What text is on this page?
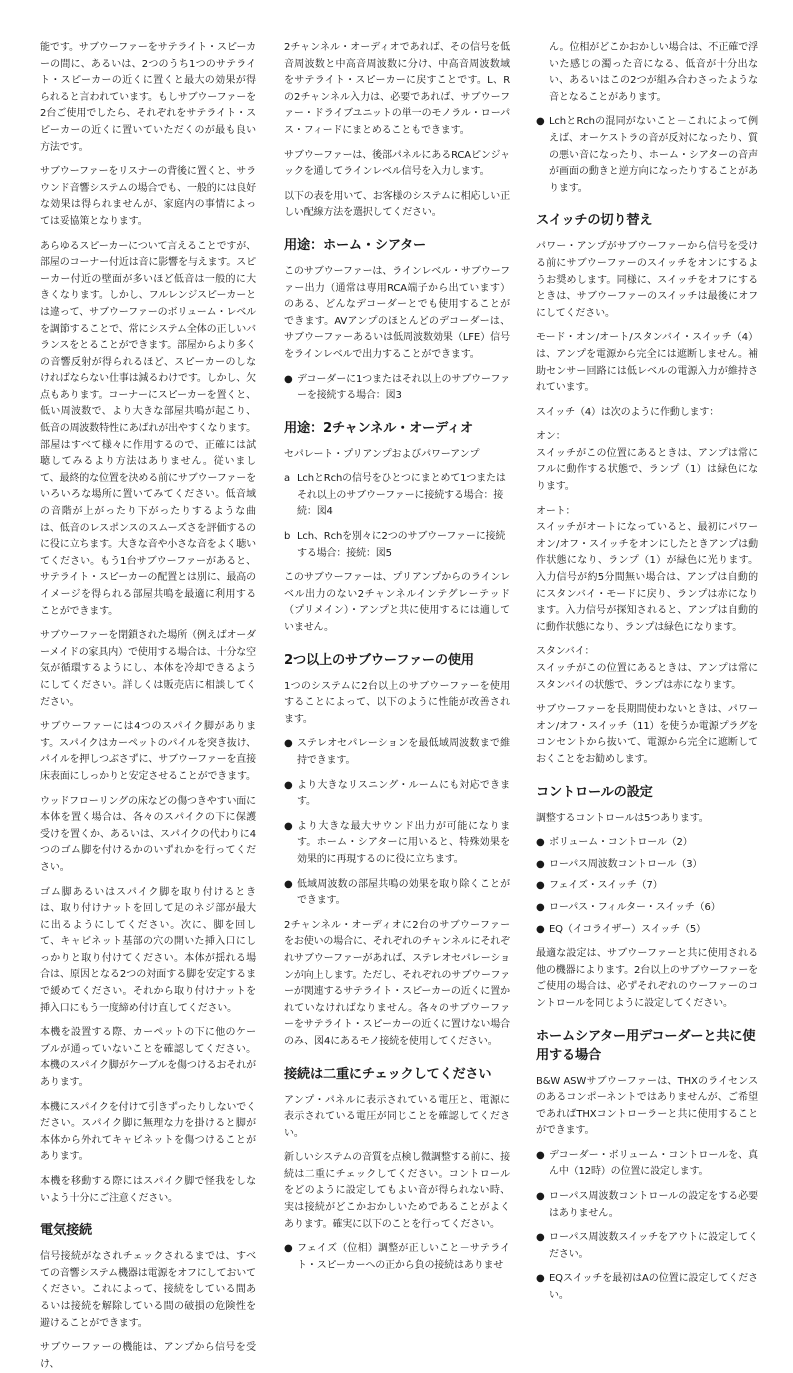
能です。サブウーファーをサテライト・スピーカーの間に、あるいは、2つのうち1つのサテライト・スピーカーの近くに置くと最大の効果が得られると言われています。もしサブウーファーを2台ご使用でしたら、それぞれをサテライト・スピーカーの近くに置いていただくのが最も良い方法です。

サブウーファーをリスナーの背後に置くと、サラウンド音響システムの場合でも、一般的には良好な効果は得られませんが、家庭内の事情によっては妥協策となります。

あらゆるスピーカーについて言えることですが、部屋のコーナー付近は音に影響を与えます。スピーカー付近の壁面が多いほど低音は一般的に大きくなります。しかし、フルレンジスピーカーとは違って、サブウーファーのボリューム・レベルを調節することで、常にシステム全体の正しいバランスをとることができます。部屋からより多くの音響反射が得られるほど、スピーカーのしなければならない仕事は減るわけです。しかし、欠点もあります。コーナーにスピーカーを置くと、低い周波数で、より大きな部屋共鳴が起こり、低音の周波数特性にあばれが出やすくなります。部屋はすべて様々に作用するので、正確には試聴してみるより方法はありません。従いまして、最終的な位置を決める前にサブウーファーをいろいろな場所に置いてみてください。低音域の音階が上がったり下がったりするような曲は、低音のレスポンスのスムーズさを評価するのに役に立ちます。大きな音や小さな音をよく聴いてください。もう1台サブウーファーがあると、サテライト・スピーカーの配置とは別に、最高のイメージを得られる部屋共鳴を最適に利用することができます。

サブウーファーを閉鎖された場所（例えばオーダーメイドの家具内）で使用する場合は、十分な空気が循環するようにし、本体を冷却できるようにしてください。詳しくは販売店に相談してください。

サブウーファーには4つのスパイク脚があります。スパイクはカーペットのパイルを突き抜け、パイルを押しつぶさずに、サブウーファーを直接床表面にしっかりと安定させることができます。

ウッドフローリングの床などの傷つきやすい面に本体を置く場合は、各々のスパイクの下に保護受けを置くか、あるいは、スパイクの代わりに4つのゴム脚を付けるかのいずれかを行ってください。

ゴム脚あるいはスパイク脚を取り付けるときは、取り付けナットを回して足のネジ部が最大に出るようにしてください。次に、脚を回して、キャビネット基部の穴の開いた挿入口にしっかりと取り付けてください。本体が揺れる場合は、原因となる2つの対面する脚を安定するまで緩めてください。それから取り付けナットを挿入口にもう一度締め付け直してください。

本機を設置する際、カーペットの下に他のケーブルが通っていないことを確認してください。本機のスパイク脚がケーブルを傷つけるおそれがあります。

本機にスパイクを付けて引きずったりしないでください。スパイク脚に無理な力を掛けると脚が本体から外れてキャビネットを傷つけることがあります。

本機を移動する際にはスパイク脚で怪我をしないよう十分にご注意ください。

電気接続

信号接続がなされチェックされるまでは、すべての音響システム機器は電源をオフにしておいてください。これによって、接続をしている間あるいは接続を解除している間の破損の危険性を避けることができます。

サブウーファーの機能は、アンプから信号を受け、

2チャンネル・オーディオであれば、その信号を低音周波数と中高音周波数に分け、中高音周波数域をサテライト・スピーカーに戻すことです。L、Rの2チャンネル入力は、必要であれば、サブウーファー・ドライブユニットの単一のモノラル・ローパス・フィードにまとめることもできます。

サブウーファーは、後部パネルにあるRCAピンジャックを通してラインレベル信号を入力します。

以下の表を用いて、お客様のシステムに相応しい正しい配線方法を選択してください。

用途：ホーム・シアター

このサブウーファーは、ラインレベル・サブウーファー出力（通常は専用RCA端子から出ています）のある、どんなデコーダーとでも使用することができます。AVアンプのほとんどのデコーダーは、サブウーファーあるいは低周波数効果（LFE）信号をラインレベルで出力することができます。

● デコーダーに1つまたはそれ以上のサブウーファーを接続する場合：図3
用途：2チャンネル・オーディオ

セパレート・プリアンプおよびパワーアンプ

a LchとRchの信号をひとつにまとめて1つまたはそれ以上のサブウーファーに接続する場合：接続：図4
b Lch、Rchを別々に2つのサブウーファーに接続する場合：接続：図5

このサブウーファーは、プリアンプからのラインレベル出力のない2チャンネルインテグレーテッド（プリメイン）・アンプと共に使用するには適していません。

2つ以上のサブウーファーの使用

1つのシステムに2台以上のサブウーファーを使用することによって、以下のように性能が改善されます。

● ステレオセパレーションを最低域周波数まで維持できます。
● より大きなリスニング・ルームにも対応できます。
● より大きな最大サウンド出力が可能になります。ホーム・シアターに用いると、特殊効果を効果的に再現するのに役に立ちます。
● 低域周波数の部屋共鳴の効果を取り除くことができます。

2チャンネル・オーディオに2台のサブウーファーをお使いの場合に、それぞれのチャンネルにそれぞれサブウーファーがあれば、ステレオセパレーションが向上します。ただし、それぞれのサブウーファーが関連するサテライト・スピーカーの近くに置かれていなければなりません。各々のサブウーファーをサテライト・スピーカーの近くに置けない場合のみ、図4にあるモノ接続を使用してください。

接続は二重にチェックしてください

アンプ・パネルに表示されている電圧と、電源に表示されている電圧が同じことを確認してください。

新しいシステムの音質を点検し微調整する前に、接続は二重にチェックしてください。コントロールをどのように設定してもよい音が得られない時、実は接続がどこかおかしいためであることがよくあります。確実に以下のことを行ってください。

● フェイズ（位相）調整が正しいこと－サテライト・スピーカーへの正から負の接続はありませ

ん。位相がどこかおかしい場合は、不正確で浮いた感じの濁った音になる、低音が十分出ない、あるいはこの2つが組み合わさったような音となることがあります。

● LchとRchの混同がないこと－これによって例えば、オーケストラの音が反対になったり、質の悪い音になったり、ホーム・シアターの音声が画面の動きと逆方向になったりすることがあります。
スイッチの切り替え

パワー・アンプがサブウーファーから信号を受ける前にサブウーファーのスイッチをオンにするようお奨めします。同様に、スイッチをオフにするときは、サブウーファーのスイッチは最後にオフにしてください。

モード・オン/オート/スタンバイ・スイッチ（4）は、アンプを電源から完全には遮断しません。補助センサー回路には低レベルの電源入力が維持されています。

スイッチ（4）は次のように作動します：

オン：

スイッチがこの位置にあるときは、アンプは常にフルに動作する状態で、ランプ（1）は緑色になります。

オート：

スイッチがオートになっていると、最初にパワーオン/オフ・スイッチをオンにしたときアンプは動作状態になり、ランプ（1）が緑色に光ります。入力信号が約5分間無い場合は、アンプは自動的にスタンバイ・モードに戻り、ランプは赤になります。入力信号が探知されると、アンプは自動的に動作状態になり、ランプは緑色になります。

スタンバイ：

スイッチがこの位置にあるときは、アンプは常にスタンバイの状態で、ランプは赤になります。

サブウーファーを長期間使わないときは、パワーオン/オフ・スイッチ（11）を使うか電源プラグをコンセントから抜いて、電源から完全に遮断しておくことをお勧めします。

コントロールの設定

調整するコントロールは5つあります。

● ボリューム・コントロール（2）
● ローパス周波数コントロール（3）
● フェイズ・スイッチ（7）
● ローパス・フィルター・スイッチ（6）
● EQ（イコライザー）スイッチ（5）

最適な設定は、サブウーファーと共に使用される他の機器によります。2台以上のサブウーファーをご使用の場合は、必ずそれぞれのウーファーのコントロールを同じように設定してください。

ホームシアター用デコーダーと共に使用する場合

B&W ASWサブウーファーは、THXのライセンスのあるコンポーネントではありませんが、ご希望であればTHXコントローラーと共に使用することができます。

● デコーダー・ボリューム・コントロールを、真ん中（12時）の位置に設定します。
● ローパス周波数コントロールの設定をする必要はありません。
● ローパス周波数スイッチをアウトに設定してください。
● EQスイッチを最初はAの位置に設定してください。
